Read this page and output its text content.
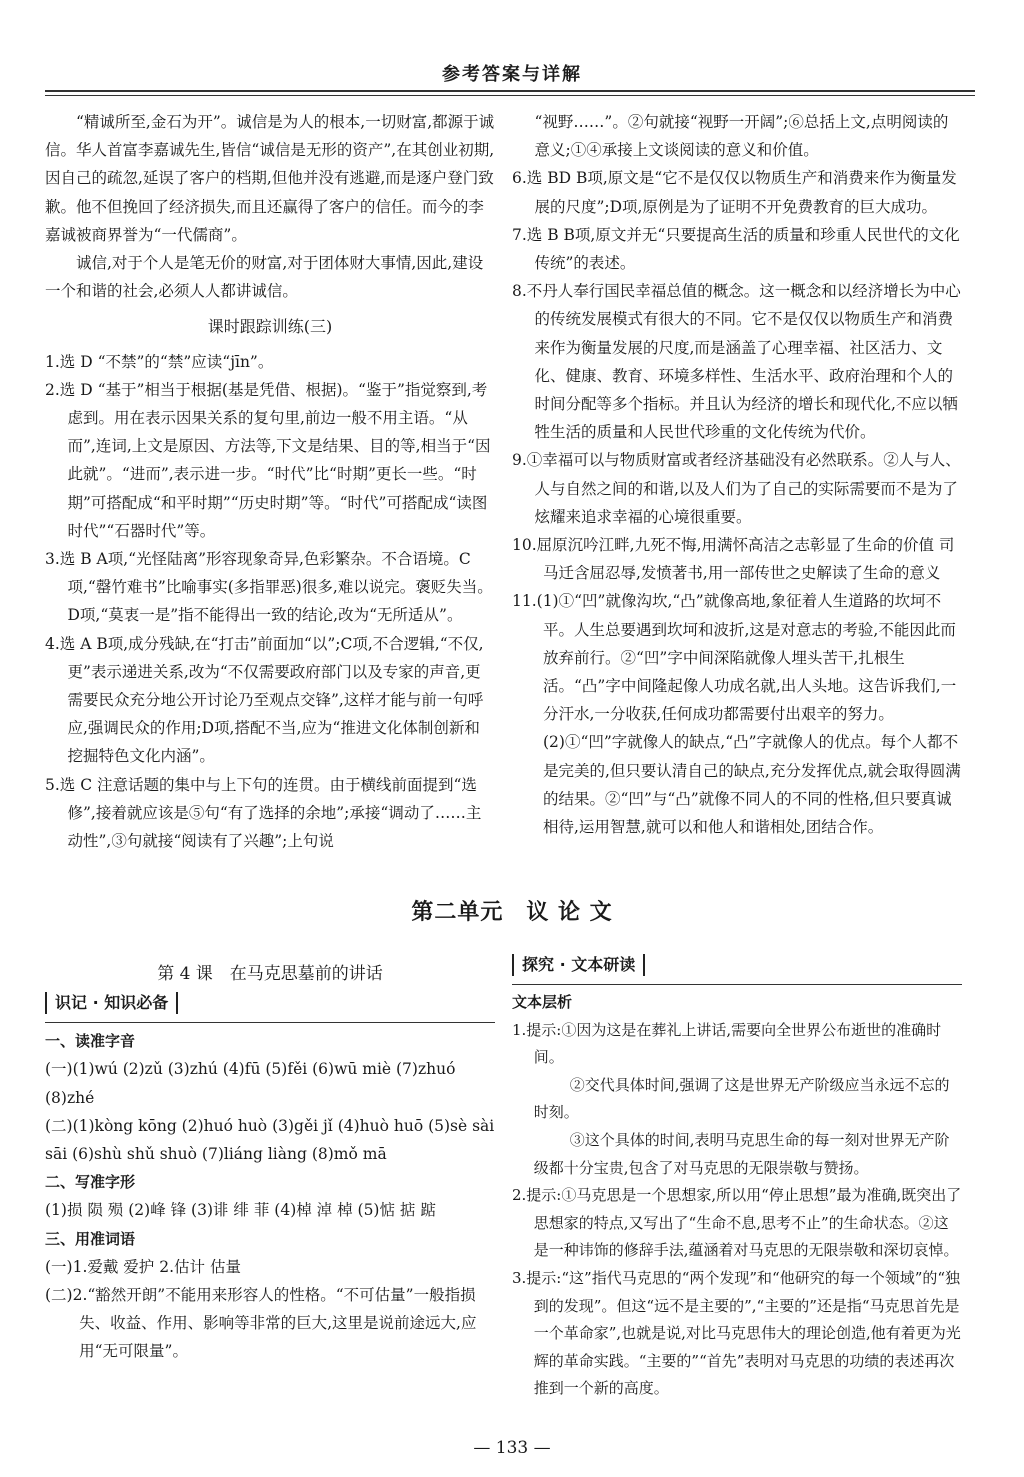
参考答案与详解

“精诚所至,金石为开”。诚信是为人的根本,一切财富,都源于诚信。华人首富李嘉诚先生,皆信“诚信是无形的资产”,在其创业初期,因自己的疏忽,延误了客户的档期,但他并没有逃避,而是逐户登门致歉。他不但挽回了经济损失,而且还赢得了客户的信任。而今的李嘉诚被商界誉为“一代儒商”。

诚信,对于个人是笔无价的财富,对于团体财大事情,因此,建设一个和谐的社会,必须人人都讲诚信。

课时跟踪训练(三)

1.选 D “不禁”的“禁”应读“jīn”。

2.选 D “基于”相当于根据(基是凭借、根据)。“鉴于”指觉察到,考虑到。用在表示因果关系的复句里,前边一般不用主语。“从而”,连词,上文是原因、方法等,下文是结果、目的等,相当于“因此就”。“进而”,表示进一步。“时代”比“时期”更长一些。“时期”可搭配成“和平时期”“历史时期”等。“时代”可搭配成“读图时代”“石器时代”等。

3.选 B A项,“光怪陆离”形容现象奇异,色彩繁杂。不合语境。C项,“罄竹难书”比喻事实(多指罪恶)很多,难以说完。褒贬失当。D项,“莫衷一是”指不能得出一致的结论,改为“无所适从”。

4.选 A B项,成分残缺,在“打击”前面加“以”;C项,不合逻辑,“不仅,更”表示递进关系,改为“不仅需要政府部门以及专家的声音,更需要民众充分地公开讨论乃至观点交锋”,这样才能与前一句呼应,强调民众的作用;D项,搭配不当,应为“推进文化体制创新和挖掘特色文化内涵”。

5.选 C 注意话题的集中与上下句的连贯。由于横线前面提到“选修”,接着就应该是⑤句“有了选择的余地”;承接“调动了……主动性”,③句就接“阅读有了兴趣”;上句说

“视野……”。②句就接“视野一开阔”;⑥总括上文,点明阅读的意义;①④承接上文谈阅读的意义和价值。

6.选 BD B项,原文是“它不是仅仅以物质生产和消费来作为衡量发展的尺度”;D项,原例是为了证明不开免费教育的巨大成功。

7.选 B B项,原文并无“只要提高生活的质量和珍重人民世代的文化传统”的表述。

8.不丹人奉行国民幸福总值的概念。这一概念和以经济增长为中心的传统发展模式有很大的不同。它不是仅仅以物质生产和消费来作为衡量发展的尺度,而是涵盖了心理幸福、社区活力、文化、健康、教育、环境多样性、生活水平、政府治理和个人的时间分配等多个指标。并且认为经济的增长和现代化,不应以牺牲生活的质量和人民世代珍重的文化传统为代价。

9.①幸福可以与物质财富或者经济基础没有必然联系。②人与人、人与自然之间的和谐,以及人们为了自己的实际需要而不是为了炫耀来追求幸福的心境很重要。

10.屈原沉吟江畔,九死不悔,用满怀高洁之志彰显了生命的价值 司马迁含屈忍辱,发愤著书,用一部传世之史解读了生命的意义

11.(1)①“凹”就像沟坎,“凸”就像高地,象征着人生道路的坎坷不平。人生总要遇到坎坷和波折,这是对意志的考验,不能因此而放弃前行。②“凹”字中间深陷就像人埋头苦干,扎根生活。“凸”字中间隆起像人功成名就,出人头地。这告诉我们,一分汗水,一分收获,任何成功都需要付出艰辛的努力。

(2)①“凹”字就像人的缺点,“凸”字就像人的优点。每个人都不是完美的,但只要认清自己的缺点,充分发挥优点,就会取得圆满的结果。②“凹”与“凸”就像不同人的不同的性格,但只要真诚相待,运用智慧,就可以和他人和谐相处,团结合作。

第二单元　议 论 文

第 4 课　在马克思墓前的讲话

识记 · 知识必备

一、读准字音

(一)(1)wú (2)zǔ (3)zhú (4)fū (5)fěi (6)wū miè (7)zhuó (8)zhé

(二)(1)kòng kōng (2)huó huò (3)gěi jǐ (4)huò huō (5)sè sài sāi (6)shù shǔ shuò (7)liáng liàng (8)mǒ mā

二、写准字形

(1)损 陨 殒 (2)峰 锋 (3)诽 绯 菲 (4)棹 淖 棹 (5)惦 掂 踮

三、用准词语

(一)1.爱戴 爱护 2.估计 估量

(二)2.“豁然开朗”不能用来形容人的性格。“不可估量”一般指损失、收益、作用、影响等非常的巨大,这里是说前途远大,应用“无可限量”。

探究 · 文本研读

文本层析

1.提示:①因为这是在葬礼上讲话,需要向全世界公布逝世的准确时间。

②交代具体时间,强调了这是世界无产阶级应当永远不忘的时刻。

③这个具体的时间,表明马克思生命的每一刻对世界无产阶级都十分宝贵,包含了对马克思的无限崇敬与赞扬。

2.提示:①马克思是一个思想家,所以用“停止思想”最为准确,既突出了思想家的特点,又写出了“生命不息,思考不止”的生命状态。②这是一种讳饰的修辞手法,蕴涵着对马克思的无限崇敬和深切哀悼。

3.提示:“这”指代马克思的“两个发现”和“他研究的每一个领域”的“独到的发现”。但这“远不是主要的”,“主要的”还是指“马克思首先是一个革命家”,也就是说,对比马克思伟大的理论创造,他有着更为光辉的革命实践。“主要的”“首先”表明对马克思的功绩的表述再次推到一个新的高度。

— 133 —
